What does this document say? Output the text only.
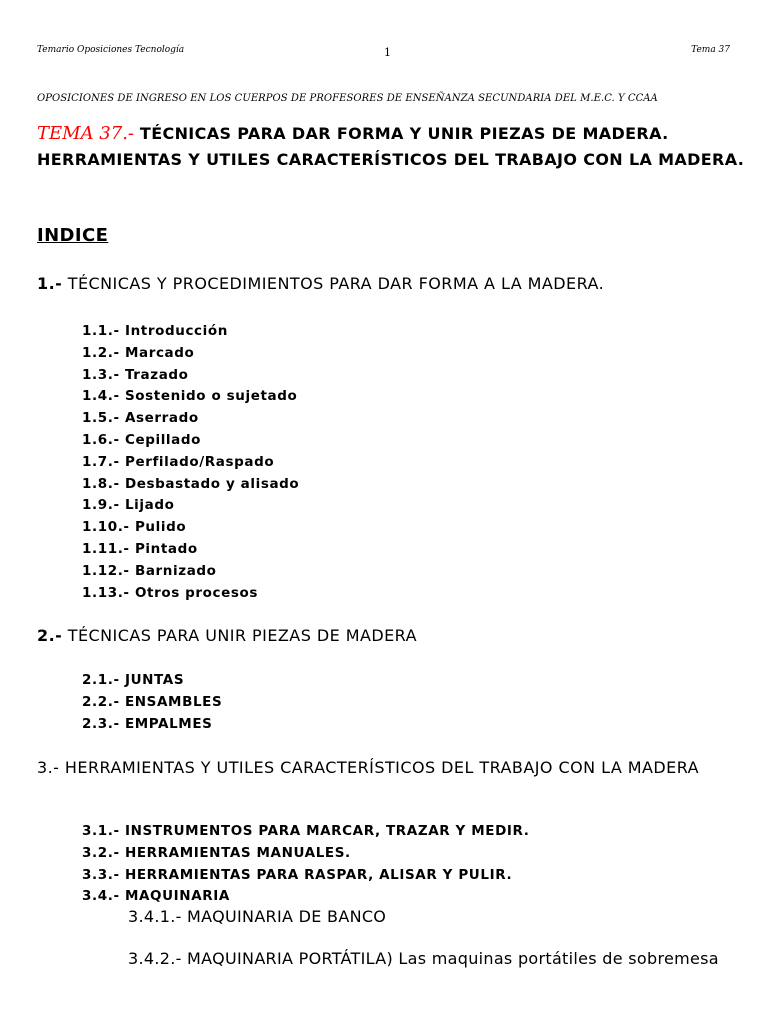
Temario Oposiciones Tecnología	1	Tema 37
OPOSICIONES DE INGRESO EN LOS CUERPOS DE PROFESORES DE ENSEÑANZA SECUNDARIA DEL M.E.C. Y CCAA
TEMA 37.- TÉCNICAS PARA DAR FORMA Y UNIR PIEZAS DE MADERA. HERRAMIENTAS Y UTILES CARACTERÍSTICOS DEL TRABAJO CON LA MADERA.
INDICE
1.- TÉCNICAS Y PROCEDIMIENTOS PARA DAR FORMA A LA MADERA.
1.1.- Introducción
1.2.- Marcado
1.3.- Trazado
1.4.- Sostenido o sujetado
1.5.- Aserrado
1.6.- Cepillado
1.7.- Perfilado/Raspado
1.8.- Desbastado y alisado
1.9.- Lijado
1.10.- Pulido
1.11.- Pintado
1.12.- Barnizado
1.13.- Otros procesos
2.- TÉCNICAS PARA UNIR PIEZAS DE MADERA
2.1.- JUNTAS
2.2.- ENSAMBLES
2.3.- EMPALMES
3.- HERRAMIENTAS Y UTILES CARACTERÍSTICOS DEL TRABAJO CON LA MADERA
3.1.- INSTRUMENTOS PARA MARCAR, TRAZAR Y MEDIR.
3.2.- HERRAMIENTAS MANUALES.
3.3.- HERRAMIENTAS PARA RASPAR, ALISAR Y PULIR.
3.4.- MAQUINARIA
3.4.1.- MAQUINARIA DE BANCO
3.4.2.- MAQUINARIA PORTÁTILA) Las maquinas portátiles de sobremesa
